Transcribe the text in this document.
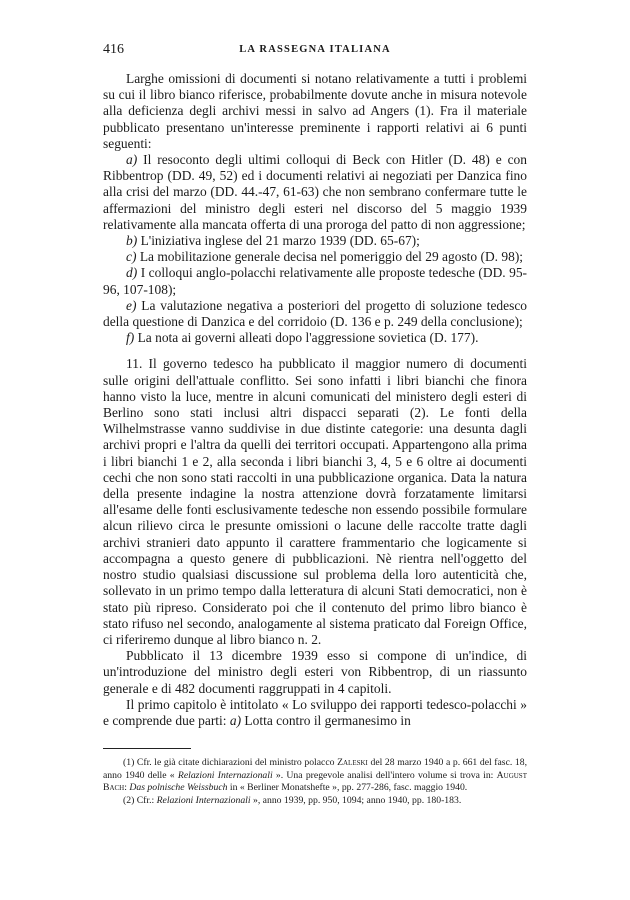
416	LA RASSEGNA ITALIANA

Larghe omissioni di documenti si notano relativamente a tutti i problemi su cui il libro bianco riferisce, probabilmente dovute anche in misura notevole alla deficienza degli archivi messi in salvo ad Angers (1). Fra il materiale pubblicato presentano un'interesse preminente i rapporti relativi ai 6 punti seguenti:

a) Il resoconto degli ultimi colloqui di Beck con Hitler (D. 48) e con Ribbentrop (DD. 49, 52) ed i documenti relativi ai negoziati per Danzica fino alla crisi del marzo (DD. 44.-47, 61-63) che non sembrano confermare tutte le affermazioni del ministro degli esteri nel discorso del 5 maggio 1939 relativamente alla mancata offerta di una proroga del patto di non aggressione;

b) L'iniziativa inglese del 21 marzo 1939 (DD. 65-67);

c) La mobilitazione generale decisa nel pomeriggio del 29 agosto (D. 98);

d) I colloqui anglo-polacchi relativamente alle proposte tedesche (DD. 95-96, 107-108);

e) La valutazione negativa a posteriori del progetto di soluzione tedesco della questione di Danzica e del corridoio (D. 136 e p. 249 della conclusione);

f) La nota ai governi alleati dopo l'aggressione sovietica (D. 177).

11. Il governo tedesco ha pubblicato il maggior numero di documenti sulle origini dell'attuale conflitto. Sei sono infatti i libri bianchi che finora hanno visto la luce, mentre in alcuni comunicati del ministero degli esteri di Berlino sono stati inclusi altri dispacci separati (2). Le fonti della Wilhelmstrasse vanno suddivise in due distinte categorie: una desunta dagli archivi propri e l'altra da quelli dei territori occupati. Appartengono alla prima i libri bianchi 1 e 2, alla seconda i libri bianchi 3, 4, 5 e 6 oltre ai documenti cechi che non sono stati raccolti in una pubblicazione organica. Data la natura della presente indagine la nostra attenzione dovrà forzatamente limitarsi all'esame delle fonti esclusivamente tedesche non essendo possibile formulare alcun rilievo circa le presunte omissioni o lacune delle raccolte tratte dagli archivi stranieri dato appunto il carattere frammentario che logicamente si accompagna a questo genere di pubblicazioni. Nè rientra nell'oggetto del nostro studio qualsiasi discussione sul problema della loro autenticità che, sollevato in un primo tempo dalla letteratura di alcuni Stati democratici, non è stato più ripreso. Considerato poi che il contenuto del primo libro bianco è stato rifuso nel secondo, analogamente al sistema praticato dal Foreign Office, ci riferiremo dunque al libro bianco n. 2.

Pubblicato il 13 dicembre 1939 esso si compone di un'indice, di un'introduzione del ministro degli esteri von Ribbentrop, di un riassunto generale e di 482 documenti raggruppati in 4 capitoli.

Il primo capitolo è intitolato « Lo sviluppo dei rapporti tedesco-polacchi » e comprende due parti: a) Lotta contro il germanesimo in

(1) Cfr. le già citate dichiarazioni del ministro polacco Zaleski del 28 marzo 1940 a p. 661 del fasc. 18, anno 1940 delle « Relazioni Internazionali ». Una pregevole analisi dell'intero volume si trova in: August Bach: Das polnische Weissbuch in « Berliner Monatshefte », pp. 277-286, fasc. maggio 1940.

(2) Cfr.: Relazioni Internazionali », anno 1939, pp. 950, 1094; anno 1940, pp. 180-183.
